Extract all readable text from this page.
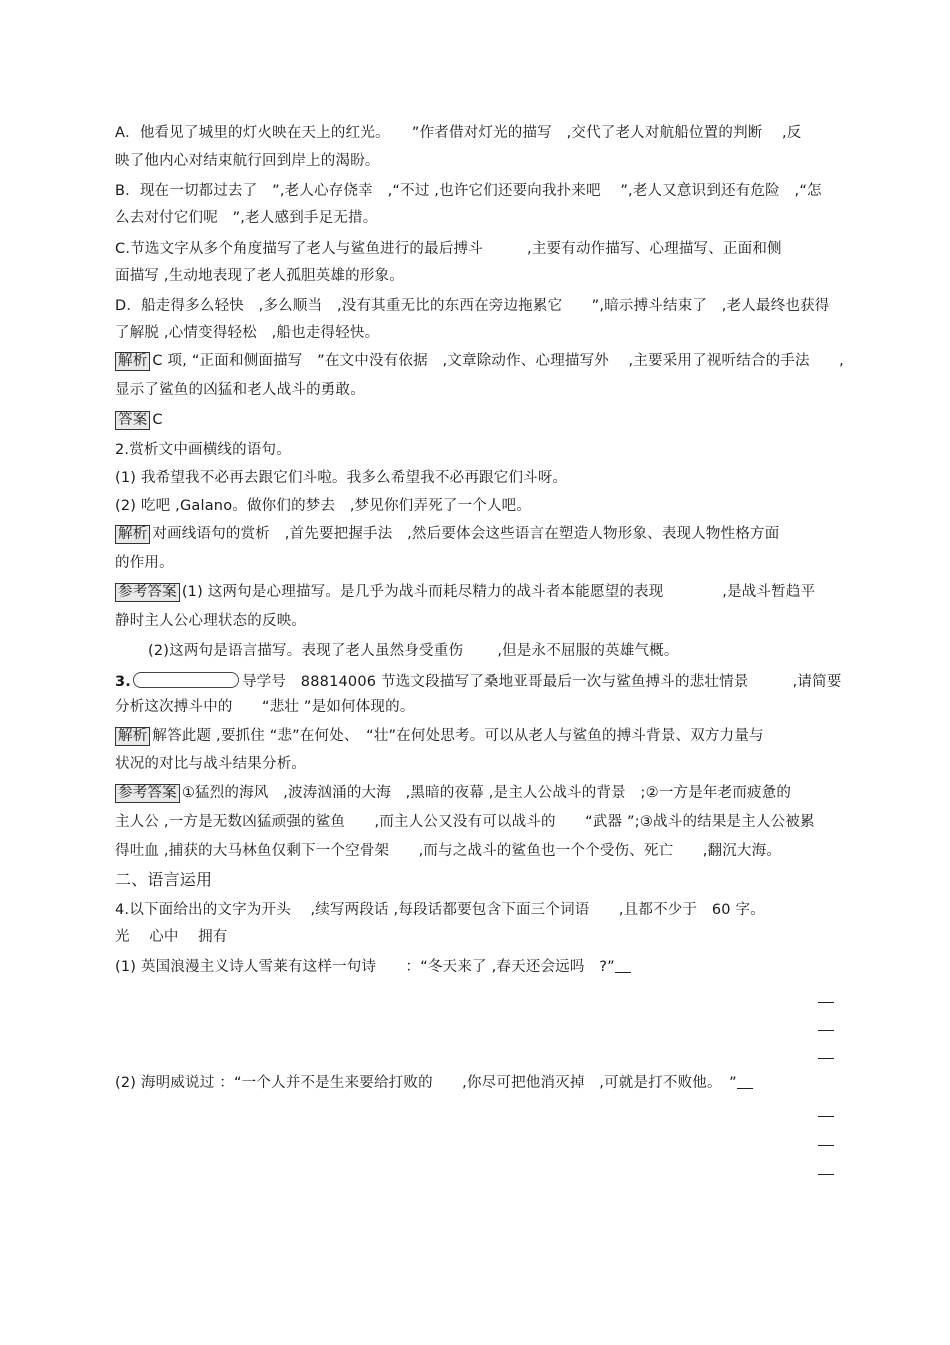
A．他看见了城里的灯火映在天上的红光。　　”作者借对灯光的描写　,交代了老人对航船位置的判断　 ,反
映了他内心对结束航行回到岸上的渴盼。
B．现在一切都过去了　”,老人心存侥幸　,“不过 ,也许它们还要向我扑来吧　 ”,老人又意识到还有危险　,“怎
么去对付它们呢　”,老人感到手足无措。
C.节选文字从多个角度描写了老人与鲨鱼进行的最后搏斗　　　,主要有动作描写、心理描写、正面和侧
面描写 ,生动地表现了老人孤胆英雄的形象。
D．船走得多么轻快　,多么顺当　,没有其重无比的东西在旁边拖累它　　”,暗示搏斗结束了　,老人最终也获得
了解脱 ,心情变得轻松　,船也走得轻快。
解析 C 项, “正面和侧面描写　”在文中没有依据　,文章除动作、心理描写外　 ,主要采用了视听结合的手法　　,
显示了鲨鱼的凶猛和老人战斗的勇敢。
答案 C
2.赏析文中画横线的语句。
(1) 我希望我不必再去跟它们斗啦。我多么希望我不必再跟它们斗呀。
(2) 吃吧 ,Galano。做你们的梦去　,梦见你们弄死了一个人吧。
解析 对画线语句的赏析　,首先要把握手法　,然后要体会这些语言在塑造人物形象、表现人物性格方面
的作用。
参考答案 (1) 这两句是心理描写。是几乎为战斗而耗尽精力的战斗者本能愿望的表现　　　　,是战斗暂趋平
静时主人公心理状态的反映。
(2)这两句是语言描写。表现了老人虽然身受重伤　　 ,但是永不屈服的英雄气概。
3.	导学号　88814006 节选文段描写了桑地亚哥最后一次与鲨鱼搏斗的悲壮情景　　　,请简要
分析这次搏斗中的　　“悲壮 ”是如何体现的。
解析 解答此题 ,要抓住 “悲”在何处、　“壮”在何处思考。可以从老人与鲨鱼的搏斗背景、双方力量与
状况的对比与战斗结果分析。
参考答案 ①猛烈的海风　,波涛汹涌的大海　,黑暗的夜幕 ,是主人公战斗的背景　;②一方是年老而疲惫的
主人公 ,一方是无数凶猛顽强的鲨鱼　　,而主人公又没有可以战斗的　　“武器 ”;③战斗的结果是主人公被累
得吐血 ,捕获的大马林鱼仅剩下一个空骨架　　,而与之战斗的鲨鱼也一个个受伤、死亡　　,翻沉大海。
二、语言运用
4.以下面给出的文字为开头　 ,续写两段话 ,每段话都要包含下面三个词语　　,且都不少于　60 字。
光　 心中　 拥有
(1) 英国浪漫主义诗人雪莱有这样一句诗　　：“冬天来了 ,春天还会远吗　?”
(2) 海明威说过 ：“一个人并不是生来要给打败的　　,你尽可把他消灭掉　,可就是打不败他。　”
